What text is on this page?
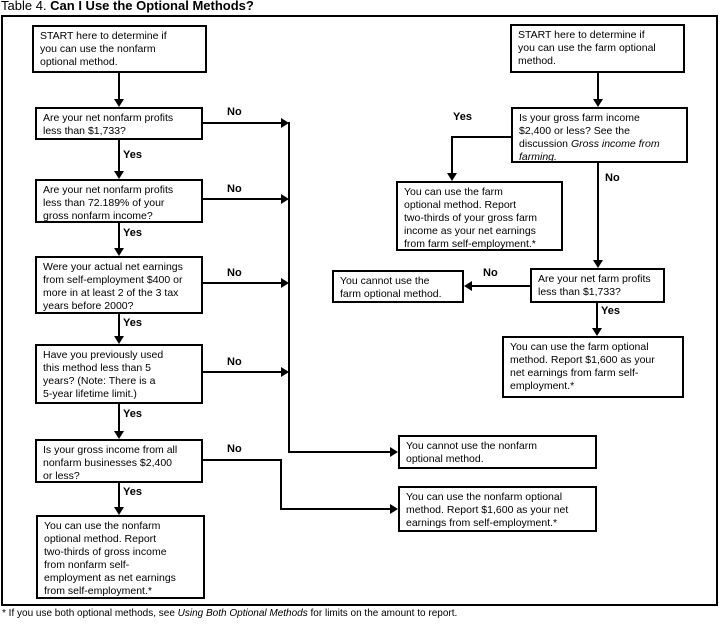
Table 4. Can I Use the Optional Methods?
START here to determine if
you can use the nonfarm
optional method.
Are your net nonfarm profits
less than $1,733?
Are your net nonfarm profits
less than 72.189% of your
gross nonfarm income?
Were your actual net earnings
from self-employment $400 or
more in at least 2 of the 3 tax
years before 2000?
Have you previously used
this method less than 5
years? (Note: There is a
5-year lifetime limit.)
Is your gross income from all
nonfarm businesses $2,400
or less?
You can use the nonfarm
optional method. Report
two-thirds of gross income
from nonfarm self-
employment as net earnings
from self-employment.*
START here to determine if
you can use the farm optional
method.
Is your gross farm income
$2,400 or less? See the
discussion Gross income from
farming.
You can use the farm
optional method. Report
two-thirds of your gross farm
income as your net earnings
from farm self-employment.*
You cannot use the
farm optional method.
Are your net farm profits
less than $1,733?
You can use the farm optional
method. Report $1,600 as your
net earnings from farm self-
employment.*
You cannot use the nonfarm
optional method.
You can use the nonfarm optional
method. Report $1,600 as your net
earnings from self-employment.*
Yes
Yes
Yes
Yes
Yes
No
No
No
No
No
Yes
No
No
Yes
* If you use both optional methods, see Using Both Optional Methods for limits on the amount to report.
